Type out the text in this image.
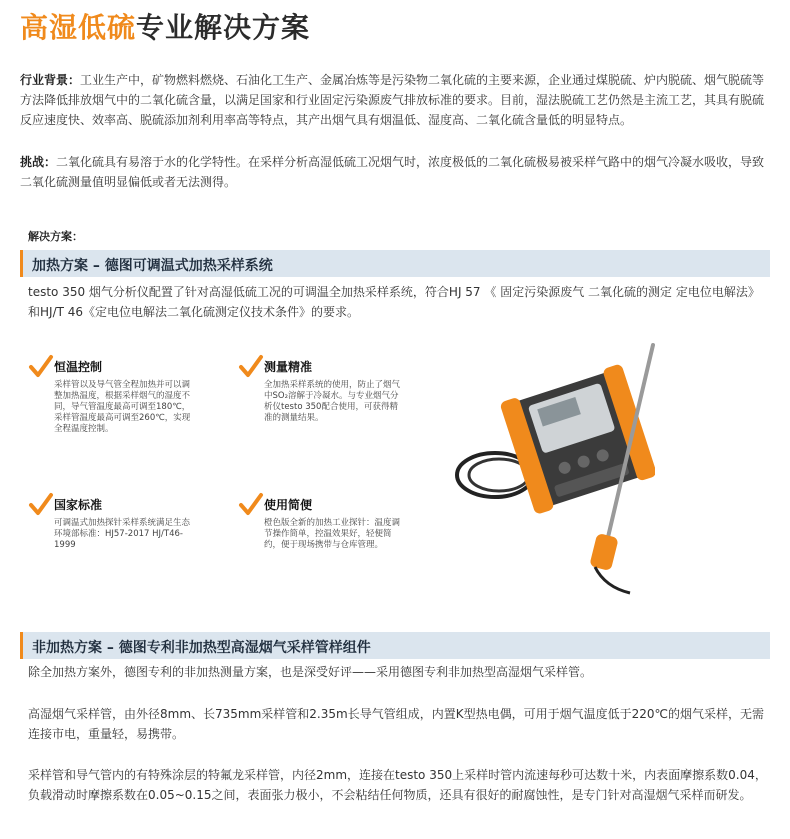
高湿低硫专业解决方案
行业背景：工业生产中，矿物燃料燃烧、石油化工生产、金属冶炼等是污染物二氧化硫的主要来源，企业通过煤脱硫、炉内脱硫、烟气脱硫等方法降低排放烟气中的二氧化硫含量，以满足国家和行业固定污染源废气排放标准的要求。目前，湿法脱硫工艺仍然是主流工艺，其具有脱硫反应速度快、效率高、脱硫添加剂利用率高等特点，其产出烟气具有烟温低、湿度高、二氧化硫含量低的明显特点。
挑战：二氧化硫具有易溶于水的化学特性。在采样分析高湿低硫工况烟气时，浓度极低的二氧化硫极易被采样气路中的烟气冷凝水吸收，导致二氧化硫测量值明显偏低或者无法测得。
解决方案：
加热方案 – 德图可调温式加热采样系统
testo 350 烟气分析仪配置了针对高湿低硫工况的可调温全加热采样系统，符合HJ 57 《 固定污染源废气 二氧化硫的测定 定电位电解法》和HJ/T 46《定电位电解法二氧化硫测定仪技术条件》的要求。
恒温控制
采样管以及导气管全程加热并可以调整加热温度，根据采样烟气的湿度不同，导气管温度最高可调至180℃，采样管温度最高可调至260℃，实现全程温度控制。
测量精准
全加热采样系统的使用，防止了烟气中SO₂溶解于冷凝水。与专业烟气分析仪testo 350配合使用，可获得精准的测量结果。
国家标准
可调温式加热探针采样系统满足生态环境部标准：HJ57-2017 HJ/T46-1999
使用简便
橙色版全新的加热工业探针：温度调节操作简单，控温效果好，轻便简约，便于现场携带与仓库管理。
非加热方案 – 德图专利非加热型高湿烟气采样管样组件
除全加热方案外，德图专利的非加热测量方案，也是深受好评——采用德图专利非加热型高湿烟气采样管。
高湿烟气采样管，由外径8mm、长735mm采样管和2.35m长导气管组成，内置K型热电偶，可用于烟气温度低于220℃的烟气采样，无需连接市电，重量轻，易携带。
采样管和导气管内的有特殊涂层的特氟龙采样管，内径2mm，连接在testo 350上采样时管内流速每秒可达数十米，内表面摩擦系数0.04，负载滑动时摩擦系数在0.05~0.15之间，表面张力极小，不会粘结任何物质，还具有很好的耐腐蚀性，是专门针对高湿烟气采样而研发。
